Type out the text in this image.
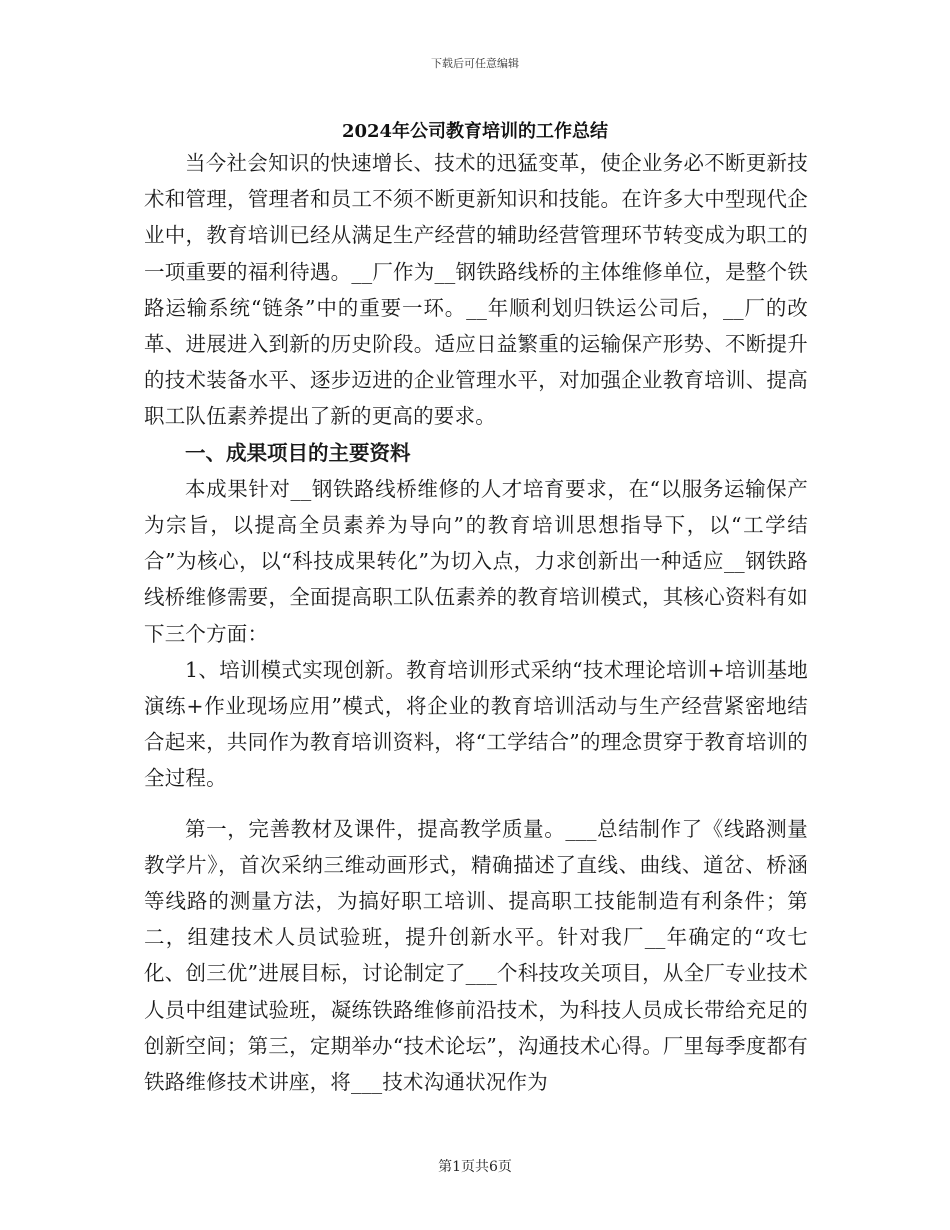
下载后可任意编辑
2024年公司教育培训的工作总结

当今社会知识的快速增长、技术的迅猛变革，使企业务必不断更新技术和管理，管理者和员工不须不断更新知识和技能。在许多大中型现代企业中，教育培训已经从满足生产经营的辅助经营管理环节转变成为职工的一项重要的福利待遇。__厂作为__钢铁路线桥的主体维修单位，是整个铁路运输系统“链条”中的重要一环。__年顺利划归铁运公司后，__厂的改革、进展进入到新的历史阶段。适应日益繁重的运输保产形势、不断提升的技术装备水平、逐步迈进的企业管理水平，对加强企业教育培训、提高职工队伍素养提出了新的更高的要求。

一、成果项目的主要资料

本成果针对__钢铁路线桥维修的人才培育要求，在“以服务运输保产为宗旨，以提高全员素养为导向”的教育培训思想指导下，以“工学结合”为核心，以“科技成果转化”为切入点，力求创新出一种适应__钢铁路线桥维修需要，全面提高职工队伍素养的教育培训模式，其核心资料有如下三个方面：

1、培训模式实现创新。教育培训形式采纳“技术理论培训+培训基地演练+作业现场应用”模式，将企业的教育培训活动与生产经营紧密地结合起来，共同作为教育培训资料，将“工学结合”的理念贯穿于教育培训的全过程。

第一，完善教材及课件，提高教学质量。___总结制作了《线路测量教学片》，首次采纳三维动画形式，精确描述了直线、曲线、道岔、桥涵等线路的测量方法，为搞好职工培训、提高职工技能制造有利条件；第二，组建技术人员试验班，提升创新水平。针对我厂__年确定的“攻七化、创三优”进展目标，讨论制定了___个科技攻关项目，从全厂专业技术人员中组建试验班，凝练铁路维修前沿技术，为科技人员成长带给充足的创新空间；第三，定期举办“技术论坛”，沟通技术心得。厂里每季度都有铁路维修技术讲座，将___技术沟通状况作为

第1页共6页
